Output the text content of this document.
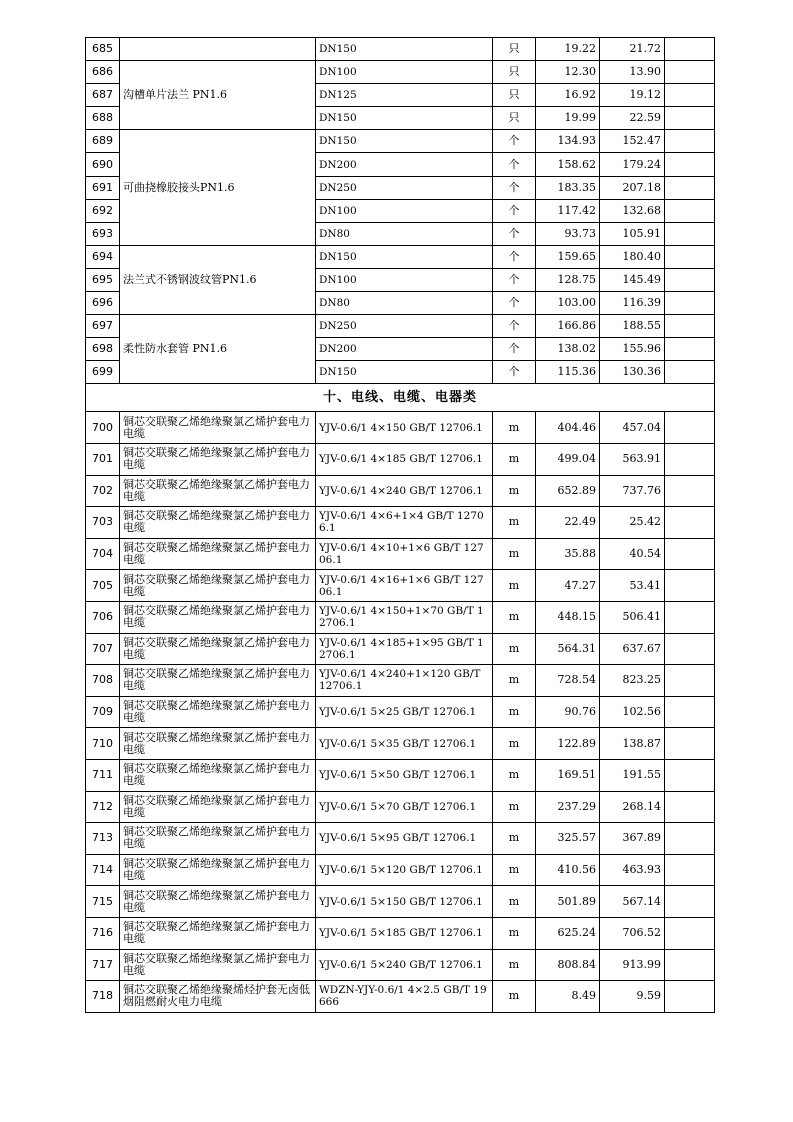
685		DN150	只	19.22	21.72	
686	沟槽单片法兰 PN1.6	DN100	只	12.30	13.90	
687		DN125	只	16.92	19.12	
688		DN150	只	19.99	22.59	
689	可曲挠橡胶接头PN1.6	DN150	个	134.93	152.47	
690		DN200	个	158.62	179.24	
691		DN250	个	183.35	207.18	
692		DN100	个	117.42	132.68	
693		DN80	个	93.73	105.91	
694	法兰式不锈钢波纹管PN1.6	DN150	个	159.65	180.40	
695		DN100	个	128.75	145.49	
696		DN80	个	103.00	116.39	
697	柔性防水套管 PN1.6	DN250	个	166.86	188.55	
698		DN200	个	138.02	155.96	
699		DN150	个	115.36	130.36	
十、电线、电缆、电器类						
700	铜芯交联聚乙烯绝缘聚氯乙烯护套电力电缆	YJV-0.6/1 4×150 GB/T 12706.1	m	404.46	457.04	
701	铜芯交联聚乙烯绝缘聚氯乙烯护套电力电缆	YJV-0.6/1 4×185 GB/T 12706.1	m	499.04	563.91	
702	铜芯交联聚乙烯绝缘聚氯乙烯护套电力电缆	YJV-0.6/1 4×240 GB/T 12706.1	m	652.89	737.76	
703	铜芯交联聚乙烯绝缘聚氯乙烯护套电力电缆	YJV-0.6/1 4×6+1×4 GB/T 12706.1	m	22.49	25.42	
704	铜芯交联聚乙烯绝缘聚氯乙烯护套电力电缆	YJV-0.6/1 4×10+1×6 GB/T 12706.1	m	35.88	40.54	
705	铜芯交联聚乙烯绝缘聚氯乙烯护套电力电缆	YJV-0.6/1 4×16+1×6 GB/T 12706.1	m	47.27	53.41	
706	铜芯交联聚乙烯绝缘聚氯乙烯护套电力电缆	YJV-0.6/1 4×150+1×70 GB/T 12706.1	m	448.15	506.41	
707	铜芯交联聚乙烯绝缘聚氯乙烯护套电力电缆	YJV-0.6/1 4×185+1×95 GB/T 12706.1	m	564.31	637.67	
708	铜芯交联聚乙烯绝缘聚氯乙烯护套电力电缆	YJV-0.6/1 4×240+1×120 GB/T 12706.1	m	728.54	823.25	
709	铜芯交联聚乙烯绝缘聚氯乙烯护套电力电缆	YJV-0.6/1 5×25 GB/T 12706.1	m	90.76	102.56	
710	铜芯交联聚乙烯绝缘聚氯乙烯护套电力电缆	YJV-0.6/1 5×35 GB/T 12706.1	m	122.89	138.87	
711	铜芯交联聚乙烯绝缘聚氯乙烯护套电力电缆	YJV-0.6/1 5×50 GB/T 12706.1	m	169.51	191.55	
712	铜芯交联聚乙烯绝缘聚氯乙烯护套电力电缆	YJV-0.6/1 5×70 GB/T 12706.1	m	237.29	268.14	
713	铜芯交联聚乙烯绝缘聚氯乙烯护套电力电缆	YJV-0.6/1 5×95 GB/T 12706.1	m	325.57	367.89	
714	铜芯交联聚乙烯绝缘聚氯乙烯护套电力电缆	YJV-0.6/1 5×120 GB/T 12706.1	m	410.56	463.93	
715	铜芯交联聚乙烯绝缘聚氯乙烯护套电力电缆	YJV-0.6/1 5×150 GB/T 12706.1	m	501.89	567.14	
716	铜芯交联聚乙烯绝缘聚氯乙烯护套电力电缆	YJV-0.6/1 5×185 GB/T 12706.1	m	625.24	706.52	
717	铜芯交联聚乙烯绝缘聚氯乙烯护套电力电缆	YJV-0.6/1 5×240 GB/T 12706.1	m	808.84	913.99	
718	铜芯交联聚乙烯绝缘聚烯烃护套无卤低烟阻燃耐火电力电缆	WDZN-YJY-0.6/1 4×2.5 GB/T 19666	m	8.49	9.59	
